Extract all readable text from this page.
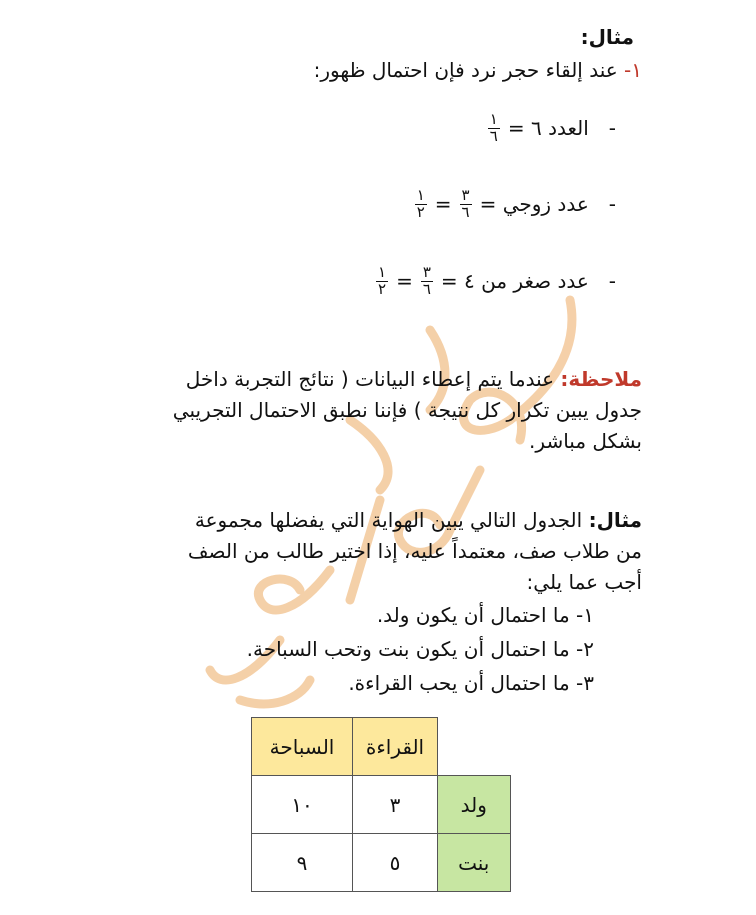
مثال:
١- عند إلقاء حجر نرد فإن احتمال ظهور:
-
العدد ٦ =
$\frac{١}{٦}$
-
عدد زوجي =
$\frac{٣}{٦}$
=
$\frac{١}{٢}$
-
عدد صغر من ٤ =
$\frac{٣}{٦}$
=
$\frac{١}{٢}$
ملاحظة: عندما يتم إعطاء البيانات ( نتائج التجربة داخل
جدول يبين تكرار كل نتيجة ) فإننا نطبق الاحتمال التجريبي
بشكل مباشر.
مثال: الجدول التالي يبين الهواية التي يفضلها مجموعة
من طلاب صف، معتمداً عليه، إذا اختير طالب من الصف
أجب عما يلي:
١- ما احتمال أن يكون ولد.
٢- ما احتمال أن يكون بنت وتحب السباحة.
٣- ما احتمال أن يحب القراءة.
	القراءة	السباحة
ولد	٣	١٠
بنت	٥	٩
